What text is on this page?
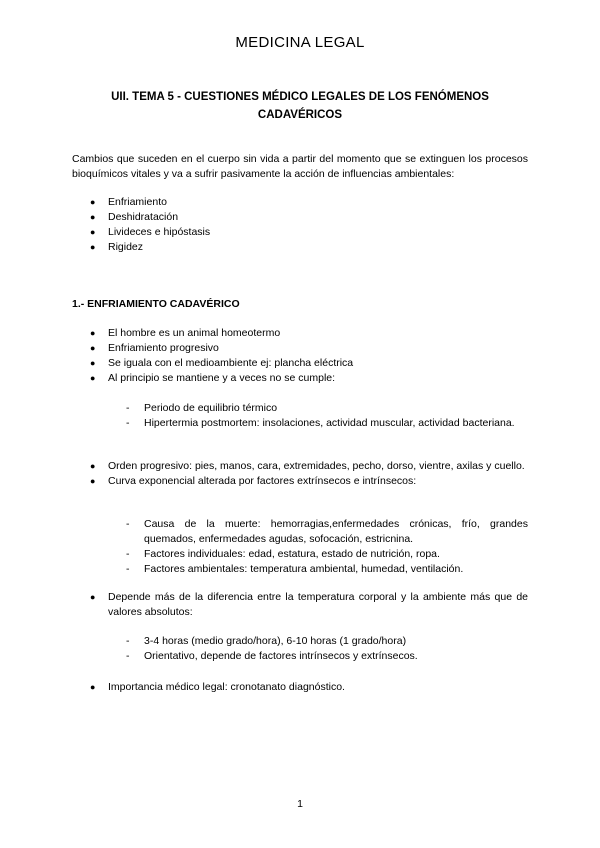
MEDICINA LEGAL
UII. TEMA 5 - CUESTIONES MÉDICO LEGALES DE LOS FENÓMENOS CADAVÉRICOS
Cambios que suceden en el cuerpo sin vida a partir del momento que se extinguen los procesos bioquímicos vitales y va a sufrir pasivamente la acción de influencias ambientales:
● Enfriamiento
● Deshidratación
● Livideces e hipóstasis
● Rigidez
1.- ENFRIAMIENTO CADAVÉRICO
● El hombre es un animal homeotermo
● Enfriamiento progresivo
● Se iguala con el medioambiente ej: plancha eléctrica
● Al principio se mantiene y a veces no se cumple:
- Periodo de equilibrio térmico
- Hipertermia postmortem: insolaciones, actividad muscular, actividad bacteriana.
● Orden progresivo: pies, manos, cara, extremidades, pecho, dorso, vientre, axilas y cuello.
● Curva exponencial alterada por factores extrínsecos e intrínsecos:
- Causa de la muerte: hemorragias,enfermedades crónicas, frío, grandes quemados, enfermedades agudas, sofocación, estricnina.
- Factores individuales: edad, estatura, estado de nutrición, ropa.
- Factores ambientales: temperatura ambiental, humedad, ventilación.
● Depende más de la diferencia entre la temperatura corporal y la ambiente más que de valores absolutos:
- 3-4 horas (medio grado/hora), 6-10 horas (1 grado/hora)
- Orientativo, depende de factores intrínsecos y extrínsecos.
● Importancia médico legal: cronotanato diagnóstico.
1
